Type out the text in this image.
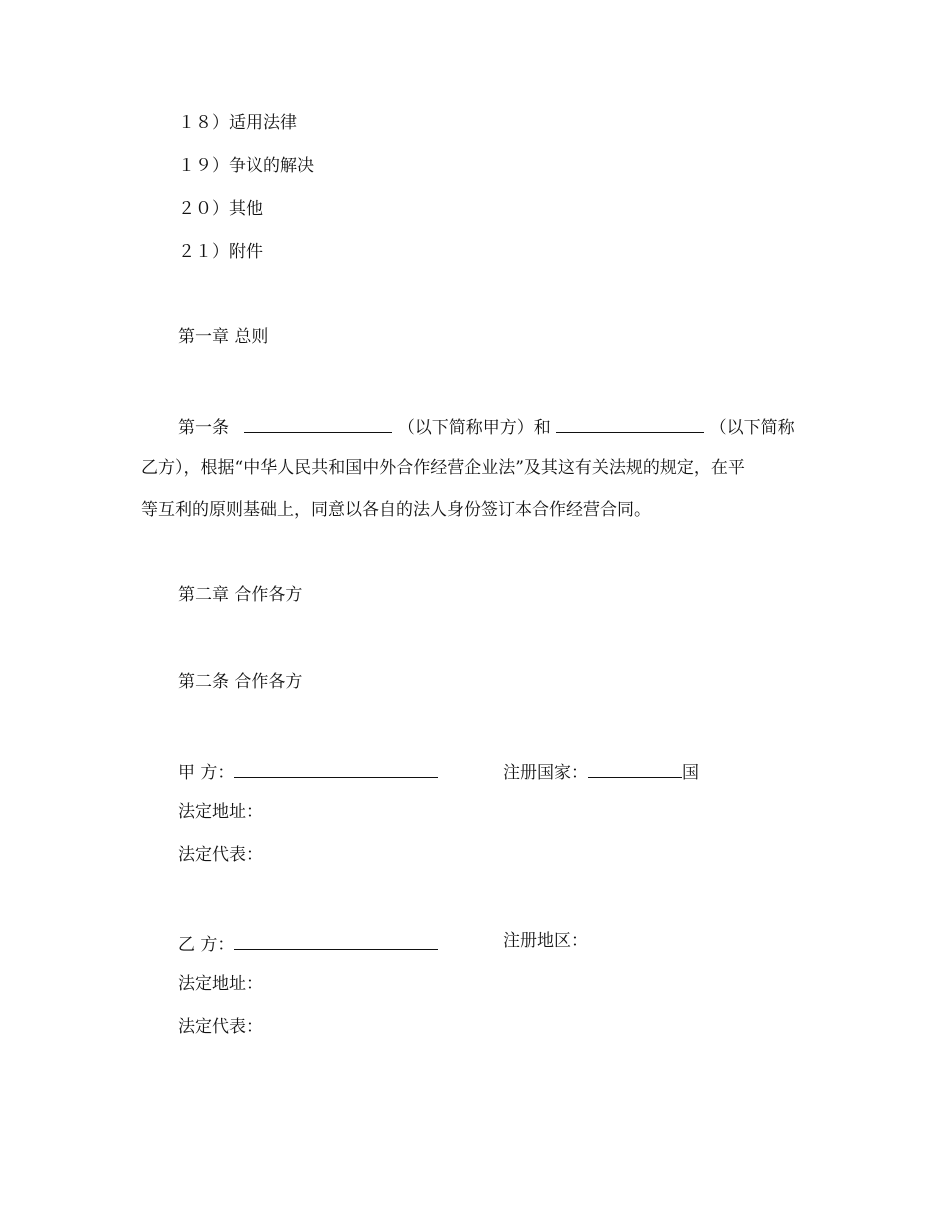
１８）适用法律
１９）争议的解决
２０）其他
２１）附件
第一章 总则
第一条	（以下简称甲方）和	（以下简称
乙方），根据“中华人民共和国中外合作经营企业法”及其这有关法规的规定，在平
等互利的原则基础上，同意以各自的法人身份签订本合作经营合同。
第二章 合作各方
第二条 合作各方
甲 方：	注册国家：	国
法定地址：
法定代表：
乙 方：	注册地区：
法定地址：
法定代表：
